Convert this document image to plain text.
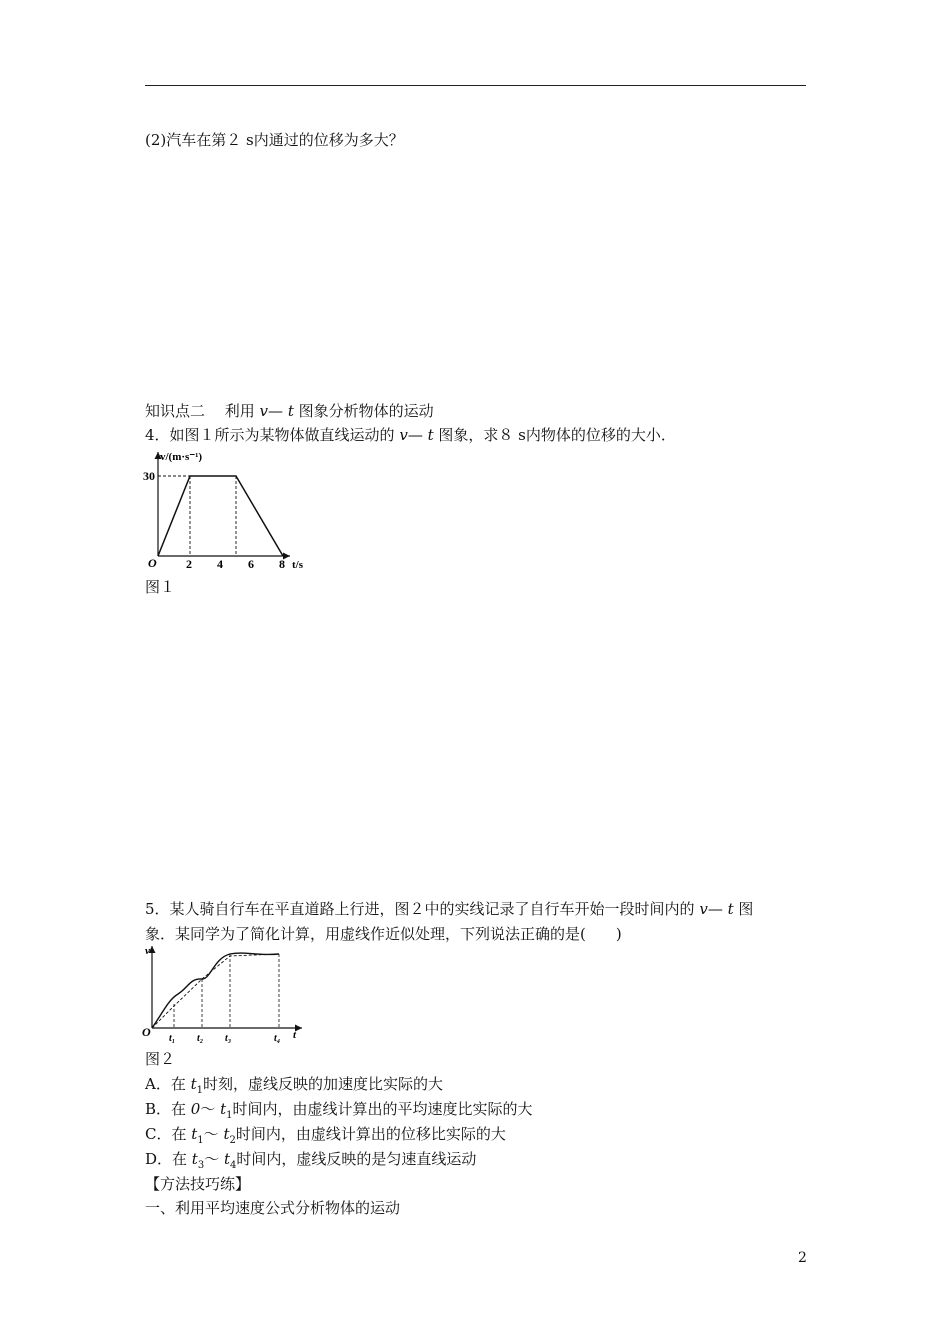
(2)汽车在第２ s内通过的位移为多大？
知识点二　 利用 v— t 图象分析物体的运动
4．如图１所示为某物体做直线运动的 v— t 图象，求８ s内物体的位移的大小．
v/(m·s⁻¹)
30
O 2 4 6 8 t/s
图１
5．某人骑自行车在平直道路上行进，图２中的实线记录了自行车开始一段时间内的 v— t 图
象．某同学为了简化计算，用虚线作近似处理，下列说法正确的是(　　)
v
O t₁ t₂ t₃	t₄ t
图２
A．在 $t_1$时刻，虚线反映的加速度比实际的大
B．在 0～ $t_1$时间内，由虚线计算出的平均速度比实际的大
C．在 $t_1\sim$ $t_2$时间内，由虚线计算出的位移比实际的大
D．在 $t_3\sim$ $t_4$时间内，虚线反映的是匀速直线运动
【方法技巧练】
一、利用平均速度公式分析物体的运动
2
